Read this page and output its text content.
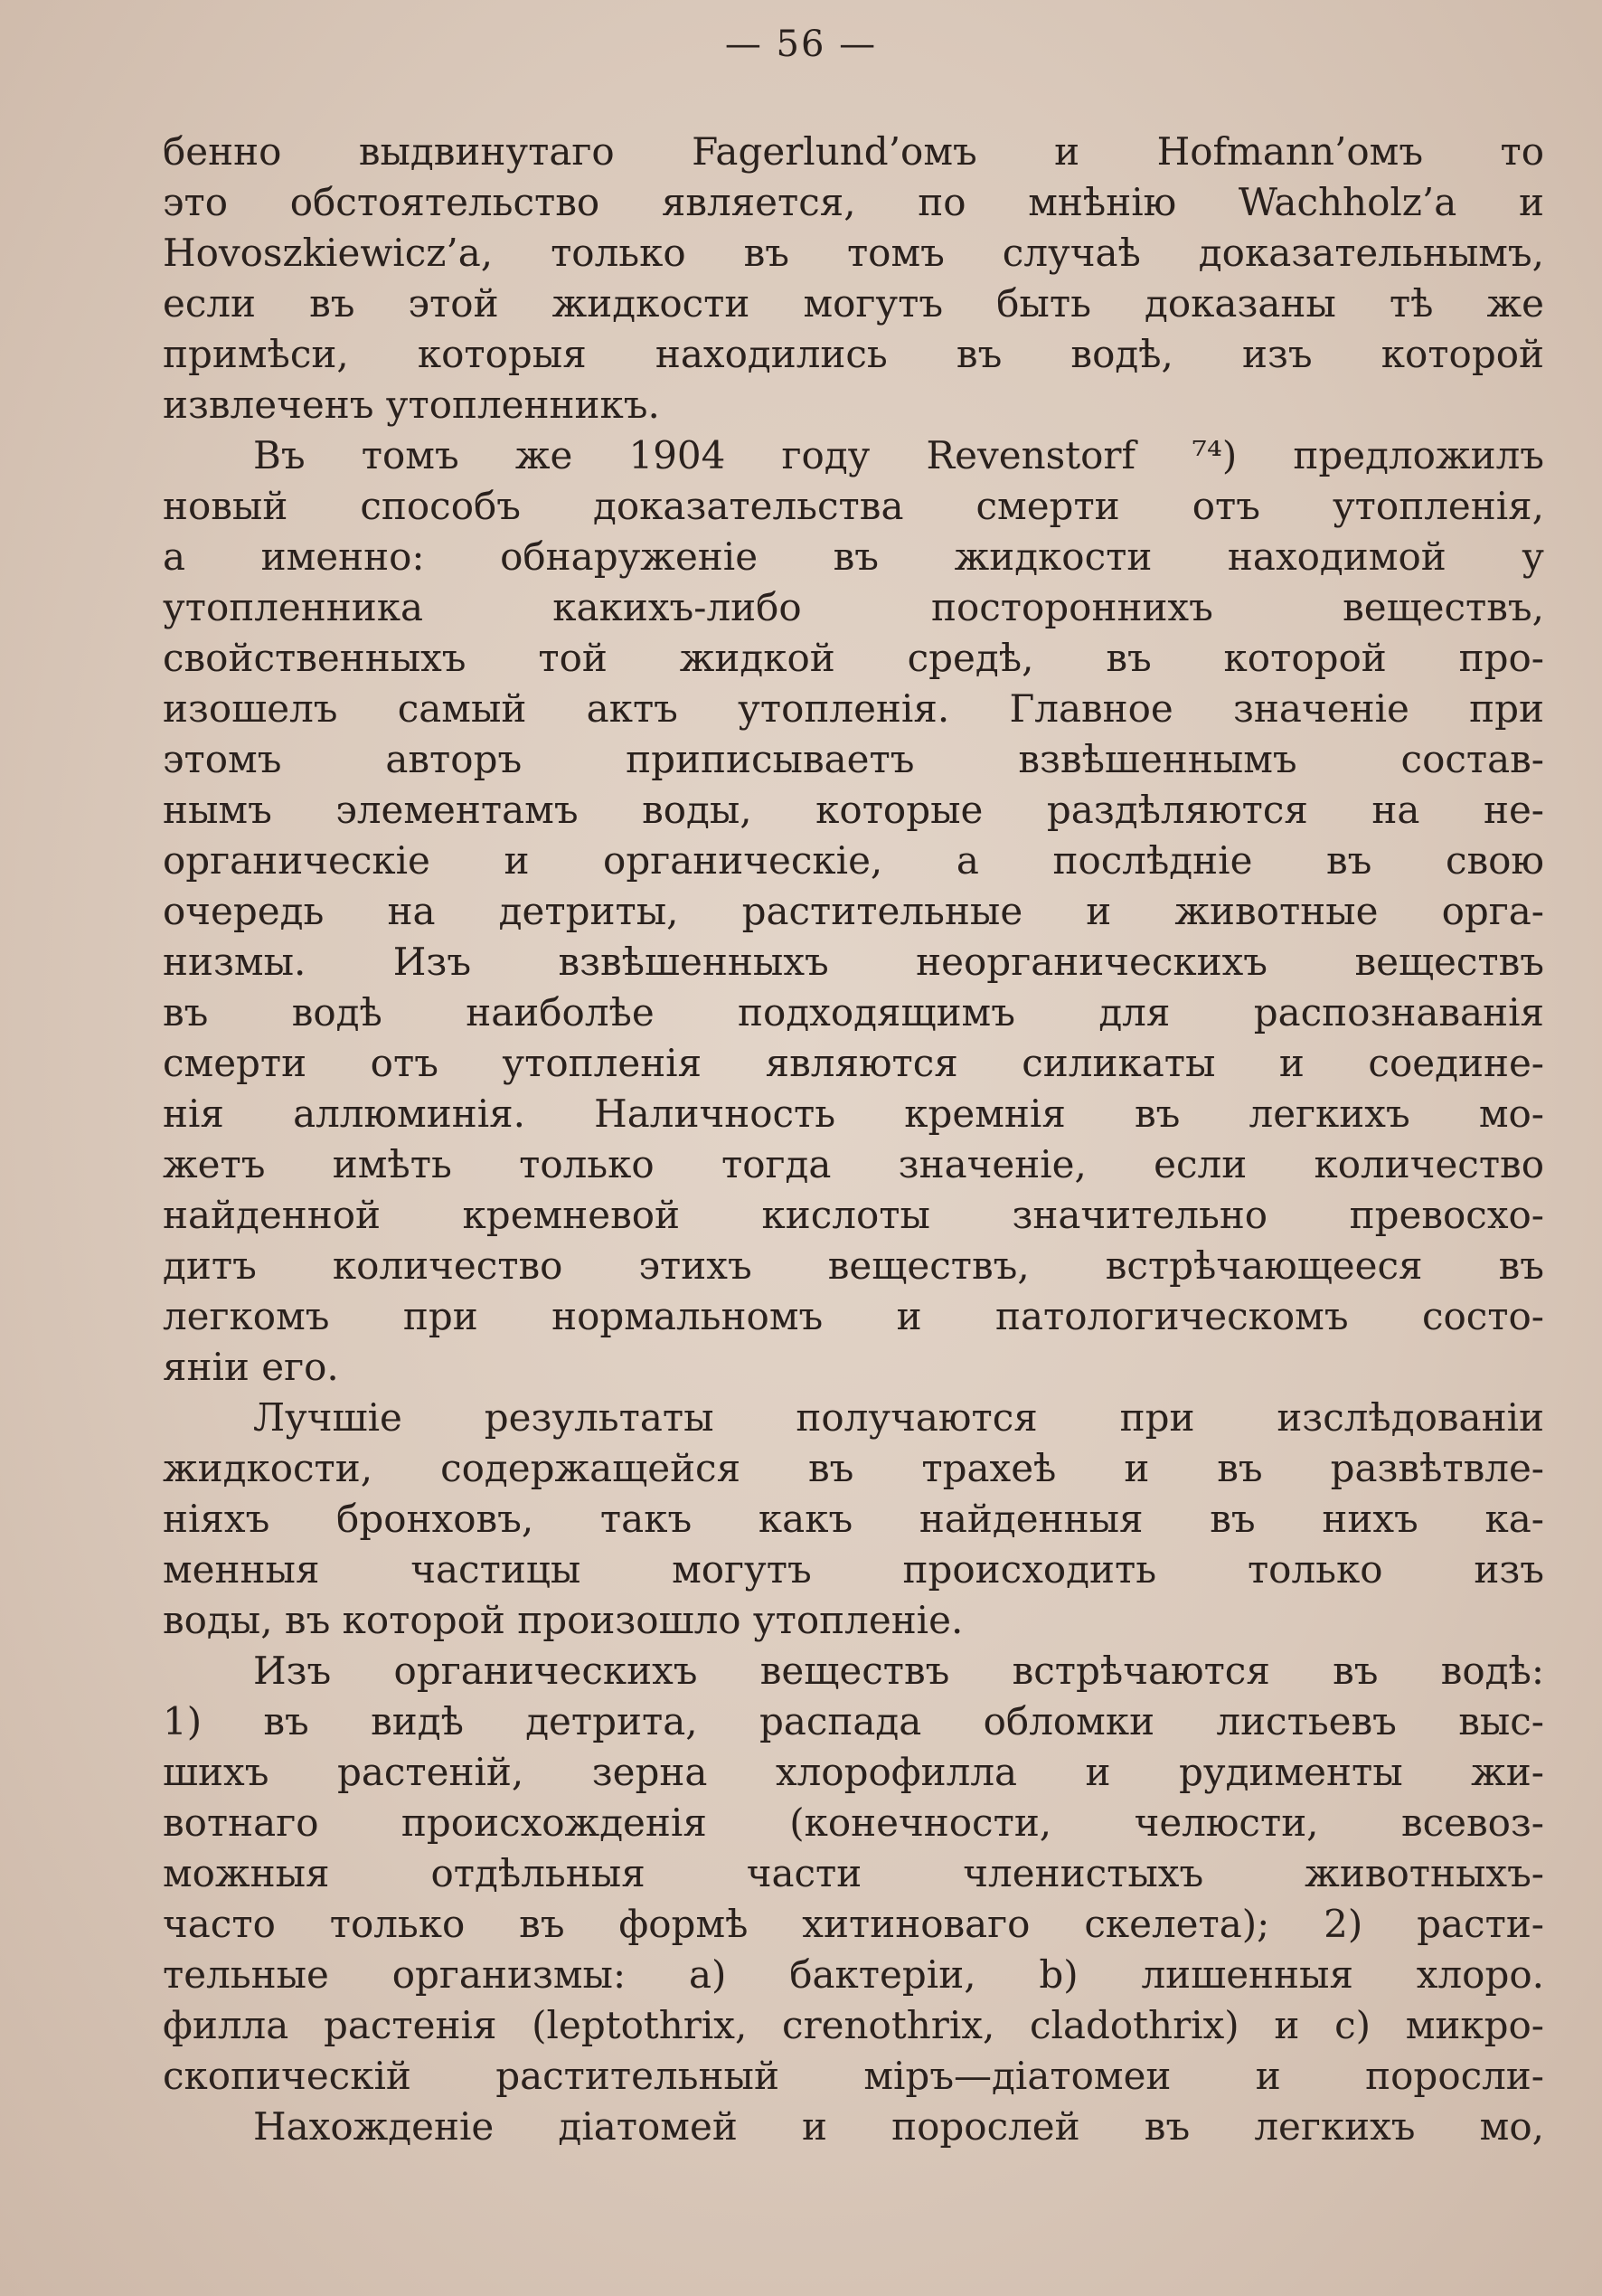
— 56 —
бенно выдвинутаго Fagerlund’омъ и Hofmann’омъ то
это обстоятельство является, по мнѣнію Wachholz’a и
Hovoszkiewicz’a, только въ томъ случаѣ доказательнымъ,
если въ этой жидкости могутъ быть доказаны тѣ же
примѣси, которыя находились въ водѣ, изъ которой
извлеченъ утопленникъ.
Въ томъ же 1904 году Revenstorf ⁷⁴) предложилъ
новый способъ доказательства смерти отъ утопленія,
а именно: обнаруженіе въ жидкости находимой у
утопленника какихъ-либо постороннихъ веществъ,
свойственныхъ той жидкой средѣ, въ которой про-
изошелъ самый актъ утопленія. Главное значеніе при
этомъ авторъ приписываетъ взвѣшеннымъ состав-
нымъ элементамъ воды, которые раздѣляются на не-
органическіе и органическіе, а послѣдніе въ свою
очередь на детриты, растительные и животные орга-
низмы. Изъ взвѣшенныхъ неорганическихъ веществъ
въ водѣ наиболѣе подходящимъ для распознаванія
смерти отъ утопленія являются силикаты и соедине-
нія аллюминія. Наличность кремнія въ легкихъ мо-
жетъ имѣть только тогда значеніе, если количество
найденной кремневой кислоты значительно превосхо-
дитъ количество этихъ веществъ, встрѣчающееся въ
легкомъ при нормальномъ и патологическомъ состо-
яніи его.
Лучшіе результаты получаются при изслѣдованіи
жидкости, содержащейся въ трахеѣ и въ развѣтвле-
ніяхъ бронховъ, такъ какъ найденныя въ нихъ ка-
менныя частицы могутъ происходить только изъ
воды, въ которой произошло утопленіе.
Изъ органическихъ веществъ встрѣчаются въ водѣ:
1) въ видѣ детрита, распада обломки листьевъ выс-
шихъ растеній, зерна хлорофилла и рудименты жи-
вотнаго происхожденія (конечности, челюсти, всевоз-
можныя отдѣльныя части членистыхъ животныхъ-
часто только въ формѣ хитиноваго скелета); 2) расти-
тельные организмы: a) бактеріи, b) лишенныя хлоро.
филла растенія (leptothrix, crenothrix, cladothrix) и c) микро-
скопическій растительный міръ—діатомеи и поросли-
Нахожденіе діатомей и порослей въ легкихъ мо,
